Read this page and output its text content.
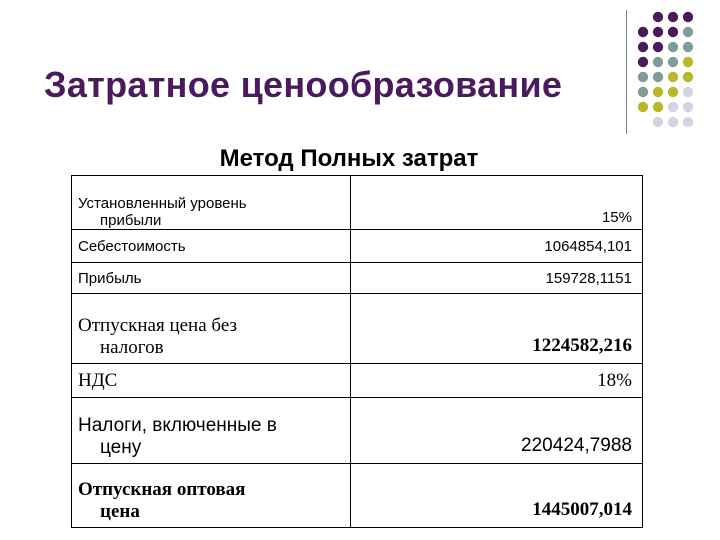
Затратное ценообразование
Метод Полных затрат
Установленный уровень
прибыли	15%
Себестоимость	1064854,101
Прибыль	159728,1151

Отпускная цена без
налогов	1224582,216
НДС	18%

Налоги, включенные в
цену	220424,7988

Отпускная оптовая
цена	1445007,014
